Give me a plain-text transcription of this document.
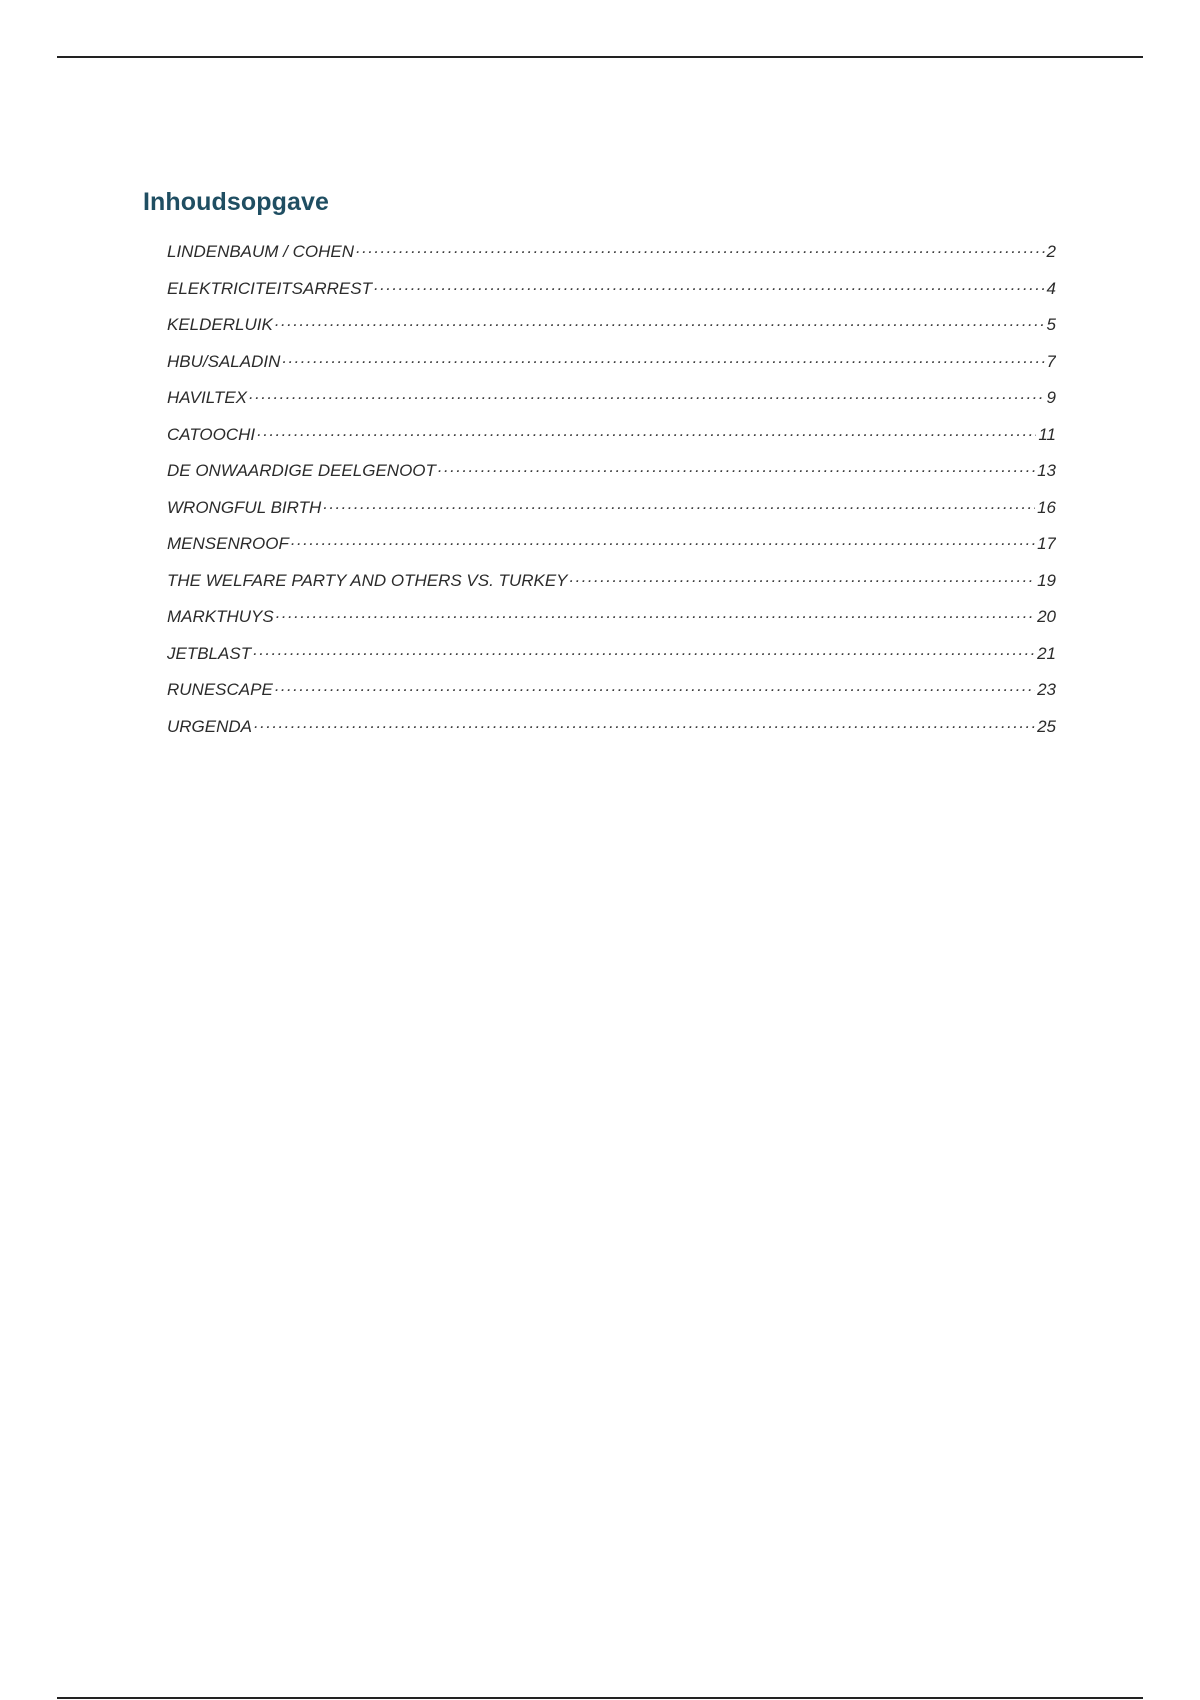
Inhoudsopgave
LINDENBAUM / COHEN .....	2
ELEKTRICITEITSARREST .....	4
KELDERLUIK .....	5
HBU/SALADIN .....	7
HAVILTEX .....	9
CATOOCHI .....	11
DE ONWAARDIGE DEELGENOOT .....	13
WRONGFUL BIRTH .....	16
MENSENROOF .....	17
THE WELFARE PARTY AND OTHERS VS. TURKEY .....	19
MARKTHUYS .....	20
JETBLAST .....	21
RUNESCAPE .....	23
URGENDA .....	25
